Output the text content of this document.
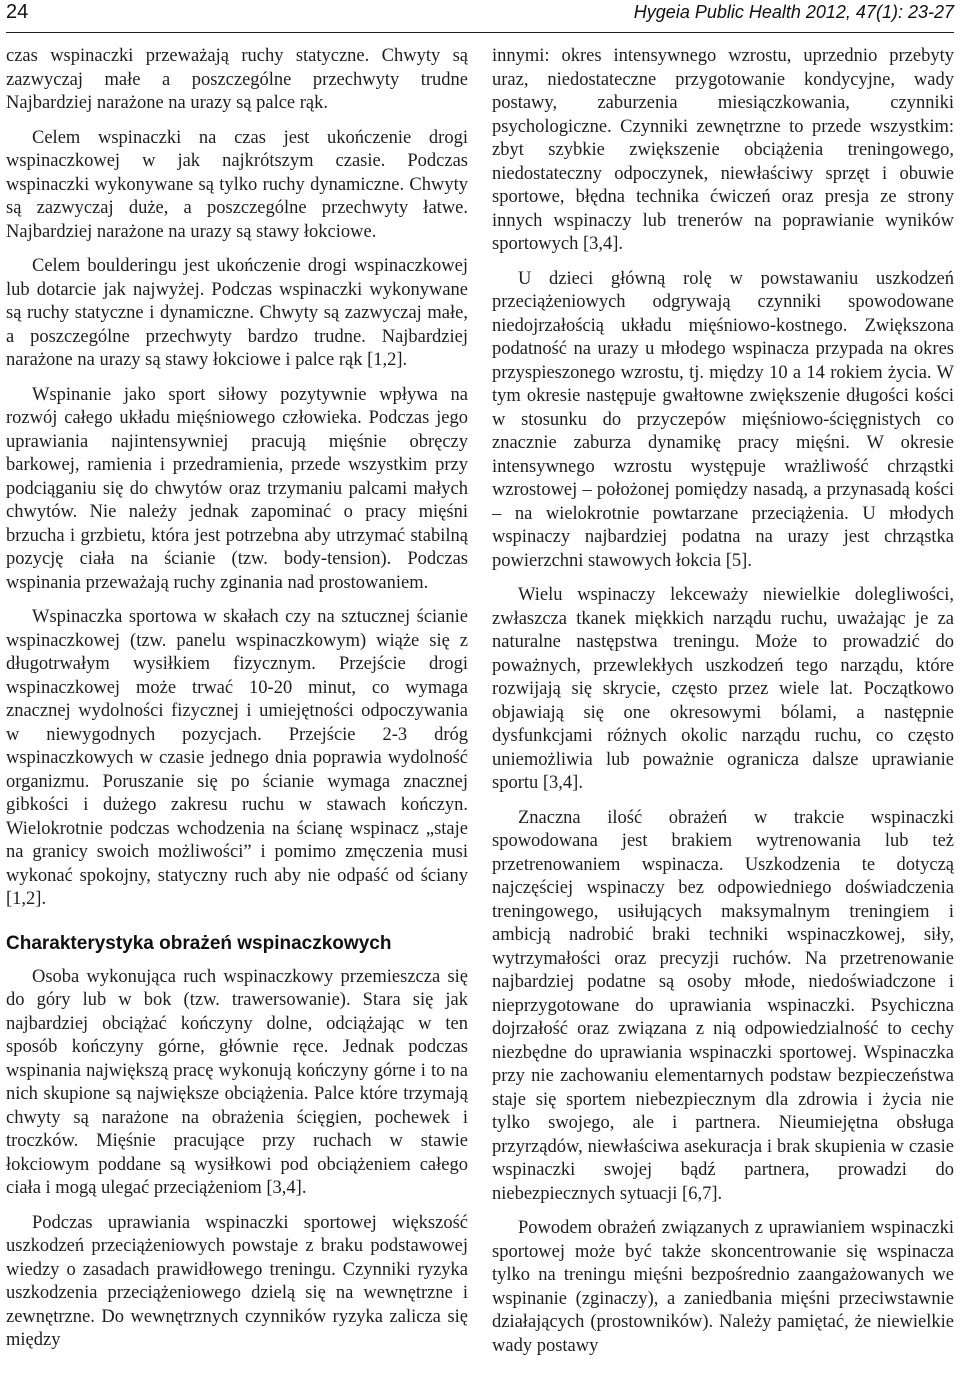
24	Hygeia Public Health 2012, 47(1): 23-27

czas wspinaczki przeważają ruchy statyczne. Chwyty są zazwyczaj małe a poszczególne przechwyty trudne Najbardziej narażone na urazy są palce rąk.

Celem wspinaczki na czas jest ukończenie drogi wspinaczkowej w jak najkrótszym czasie. Podczas wspinaczki wykonywane są tylko ruchy dynamiczne. Chwyty są zazwyczaj duże, a poszczególne przechwyty łatwe. Najbardziej narażone na urazy są stawy łokciowe.

Celem boulderingu jest ukończenie drogi wspinaczkowej lub dotarcie jak najwyżej. Podczas wspinaczki wykonywane są ruchy statyczne i dynamiczne. Chwyty są zazwyczaj małe, a poszczególne przechwyty bardzo trudne. Najbardziej narażone na urazy są stawy łokciowe i palce rąk [1,2].

Wspinanie jako sport siłowy pozytywnie wpływa na rozwój całego układu mięśniowego człowieka. Podczas jego uprawiania najintensywniej pracują mięśnie obręczy barkowej, ramienia i przedramienia, przede wszystkim przy podciąganiu się do chwytów oraz trzymaniu palcami małych chwytów. Nie należy jednak zapominać o pracy mięśni brzucha i grzbietu, która jest potrzebna aby utrzymać stabilną pozycję ciała na ścianie (tzw. body-tension). Podczas wspinania przeważają ruchy zginania nad prostowaniem.

Wspinaczka sportowa w skałach czy na sztucznej ścianie wspinaczkowej (tzw. panelu wspinaczkowym) wiąże się z długotrwałym wysiłkiem fizycznym. Przejście drogi wspinaczkowej może trwać 10-20 minut, co wymaga znacznej wydolności fizycznej i umiejętności odpoczywania w niewygodnych pozycjach. Przejście 2-3 dróg wspinaczkowych w czasie jednego dnia poprawia wydolność organizmu. Poruszanie się po ścianie wymaga znacznej gibkości i dużego zakresu ruchu w stawach kończyn. Wielokrotnie podczas wchodzenia na ścianę wspinacz „staje na granicy swoich możliwości” i pomimo zmęczenia musi wykonać spokojny, statyczny ruch aby nie odpaść od ściany [1,2].

Charakterystyka obrażeń wspinaczkowych

Osoba wykonująca ruch wspinaczkowy przemieszcza się do góry lub w bok (tzw. trawersowanie). Stara się jak najbardziej obciążać kończyny dolne, odciążając w ten sposób kończyny górne, głównie ręce. Jednak podczas wspinania największą pracę wykonują kończyny górne i to na nich skupione są największe obciążenia. Palce które trzymają chwyty są narażone na obrażenia ścięgien, pochewek i troczków. Mięśnie pracujące przy ruchach w stawie łokciowym poddane są wysiłkowi pod obciążeniem całego ciała i mogą ulegać przeciążeniom [3,4].

Podczas uprawiania wspinaczki sportowej większość uszkodzeń przeciążeniowych powstaje z braku podstawowej wiedzy o zasadach prawidłowego treningu. Czynniki ryzyka uszkodzenia przeciążeniowego dzielą się na wewnętrzne i zewnętrzne. Do wewnętrznych czynników ryzyka zalicza się między

innymi: okres intensywnego wzrostu, uprzednio przebyty uraz, niedostateczne przygotowanie kondycyjne, wady postawy, zaburzenia miesiączkowania, czynniki psychologiczne. Czynniki zewnętrzne to przede wszystkim: zbyt szybkie zwiększenie obciążenia treningowego, niedostateczny odpoczynek, niewłaściwy sprzęt i obuwie sportowe, błędna technika ćwiczeń oraz presja ze strony innych wspinaczy lub trenerów na poprawianie wyników sportowych [3,4].

U dzieci główną rolę w powstawaniu uszkodzeń przeciążeniowych odgrywają czynniki spowodowane niedojrzałością układu mięśniowo-kostnego. Zwiększona podatność na urazy u młodego wspinacza przypada na okres przyspieszonego wzrostu, tj. między 10 a 14 rokiem życia. W tym okresie następuje gwałtowne zwiększenie długości kości w stosunku do przyczepów mięśniowo-ścięgnistych co znacznie zaburza dynamikę pracy mięśni. W okresie intensywnego wzrostu występuje wrażliwość chrząstki wzrostowej – położonej pomiędzy nasadą, a przynasadą kości – na wielokrotnie powtarzane przeciążenia. U młodych wspinaczy najbardziej podatna na urazy jest chrząstka powierzchni stawowych łokcia [5].

Wielu wspinaczy lekceważy niewielkie dolegliwości, zwłaszcza tkanek miękkich narządu ruchu, uważając je za naturalne następstwa treningu. Może to prowadzić do poważnych, przewlekłych uszkodzeń tego narządu, które rozwijają się skrycie, często przez wiele lat. Początkowo objawiają się one okresowymi bólami, a następnie dysfunkcjami różnych okolic narządu ruchu, co często uniemożliwia lub poważnie ogranicza dalsze uprawianie sportu [3,4].

Znaczna ilość obrażeń w trakcie wspinaczki spowodowana jest brakiem wytrenowania lub też przetrenowaniem wspinacza. Uszkodzenia te dotyczą najczęściej wspinaczy bez odpowiedniego doświadczenia treningowego, usiłujących maksymalnym treningiem i ambicją nadrobić braki techniki wspinaczkowej, siły, wytrzymałości oraz precyzji ruchów. Na przetrenowanie najbardziej podatne są osoby młode, niedoświadczone i nieprzygotowane do uprawiania wspinaczki. Psychiczna dojrzałość oraz związana z nią odpowiedzialność to cechy niezbędne do uprawiania wspinaczki sportowej. Wspinaczka przy nie zachowaniu elementarnych podstaw bezpieczeństwa staje się sportem niebezpiecznym dla zdrowia i życia nie tylko swojego, ale i partnera. Nieumiejętna obsługa przyrządów, niewłaściwa asekuracja i brak skupienia w czasie wspinaczki swojej bądź partnera, prowadzi do niebezpiecznych sytuacji [6,7].

Powodem obrażeń związanych z uprawianiem wspinaczki sportowej może być także skoncentrowanie się wspinacza tylko na treningu mięśni bezpośrednio zaangażowanych we wspinanie (zginaczy), a zaniedbania mięśni przeciwstawnie działających (prostowników). Należy pamiętać, że niewielkie wady postawy
